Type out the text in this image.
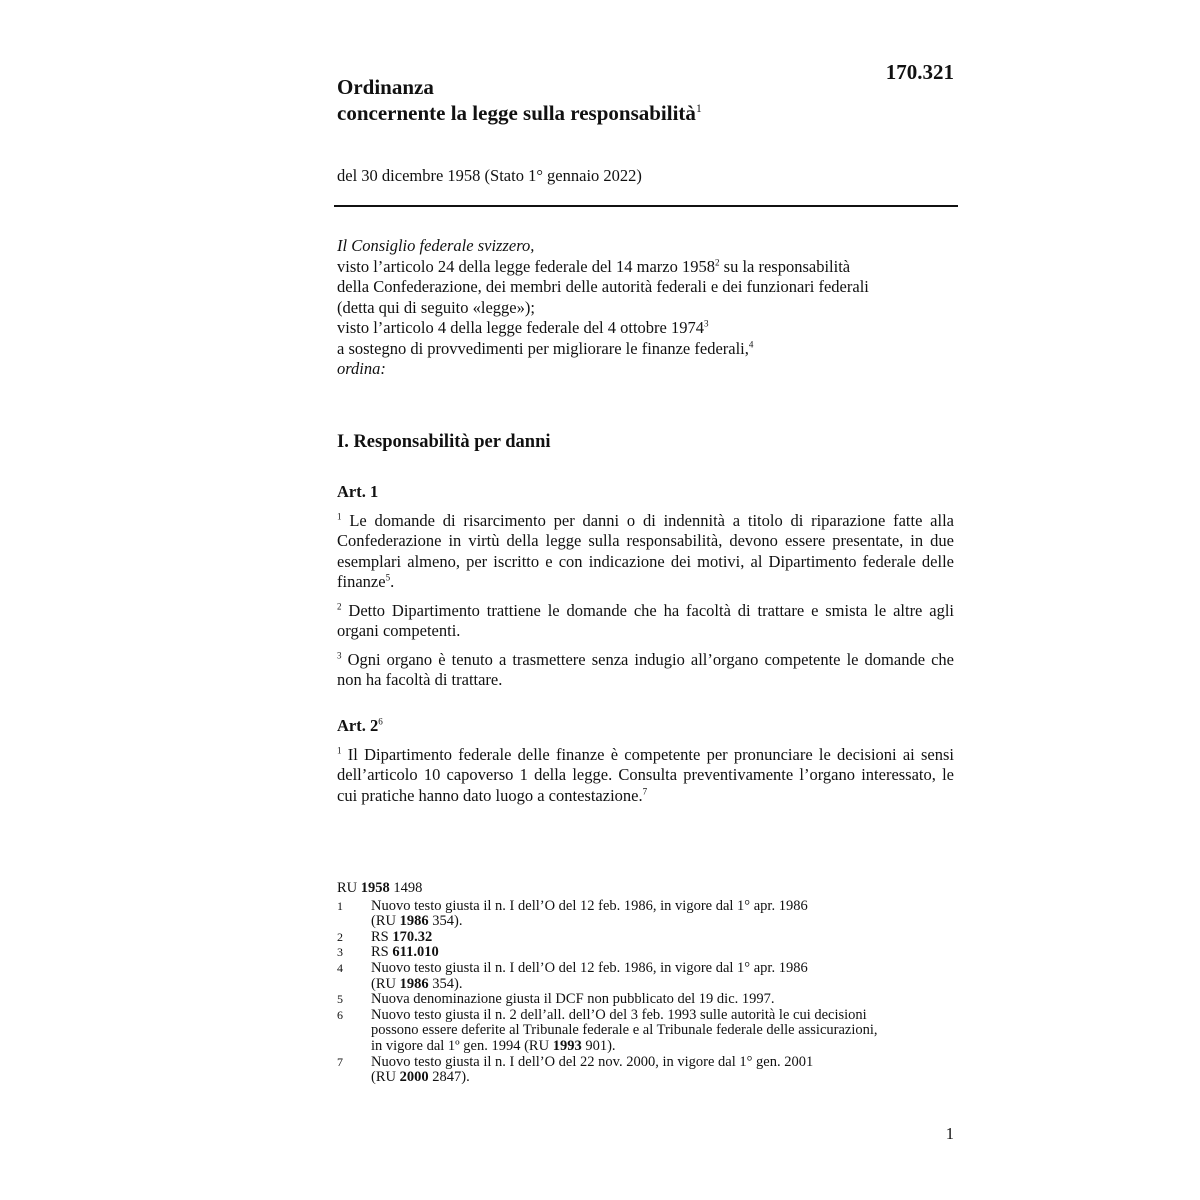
170.321
Ordinanza
concernente la legge sulla responsabilità$^1$
del 30 dicembre 1958 (Stato 1° gennaio 2022)
Il Consiglio federale svizzero,
visto l’articolo 24 della legge federale del 14 marzo 1958$^2$ su la responsabilità
della Confederazione, dei membri delle autorità federali e dei funzionari federali
(detta qui di seguito «legge»);
visto l’articolo 4 della legge federale del 4 ottobre 1974$^3$
a sostegno di provvedimenti per migliorare le finanze federali,$^4$
ordina:
I. Responsabilità per danni
Art. 1

$^1$ Le domande di risarcimento per danni o di indennità a titolo di riparazione fatte alla Confederazione in virtù della legge sulla responsabilità, devono essere presentate, in due esemplari almeno, per iscritto e con indicazione dei motivi, al Dipartimento federale delle finanze$^5$.

$^2$ Detto Dipartimento trattiene le domande che ha facoltà di trattare e smista le altre agli organi competenti.

$^3$ Ogni organo è tenuto a trasmettere senza indugio all’organo competente le domande che non ha facoltà di trattare.

Art. $2^6$

$^1$ Il Dipartimento federale delle finanze è competente per pronunciare le decisioni ai sensi dell’articolo 10 capoverso 1 della legge. Consulta preventivamente l’organo interessato, le cui pratiche hanno dato luogo a contestazione.$^7$

RU 1958 1498
1	Nuovo testo giusta il n. I dell’O del 12 feb. 1986, in vigore dal 1° apr. 1986
(RU 1986 354).
2	RS 170.32
3	RS 611.010
4	Nuovo testo giusta il n. I dell’O del 12 feb. 1986, in vigore dal 1° apr. 1986
(RU 1986 354).
5	Nuova denominazione giusta il DCF non pubblicato del 19 dic. 1997.
6	Nuovo testo giusta il n. 2 dell’all. dell’O del 3 feb. 1993 sulle autorità le cui decisioni
possono essere deferite al Tribunale federale e al Tribunale federale delle assicurazioni,
in vigore dal 1º gen. 1994 (RU 1993 901).
7	Nuovo testo giusta il n. I dell’O del 22 nov. 2000, in vigore dal 1° gen. 2001
(RU 2000 2847).
1
